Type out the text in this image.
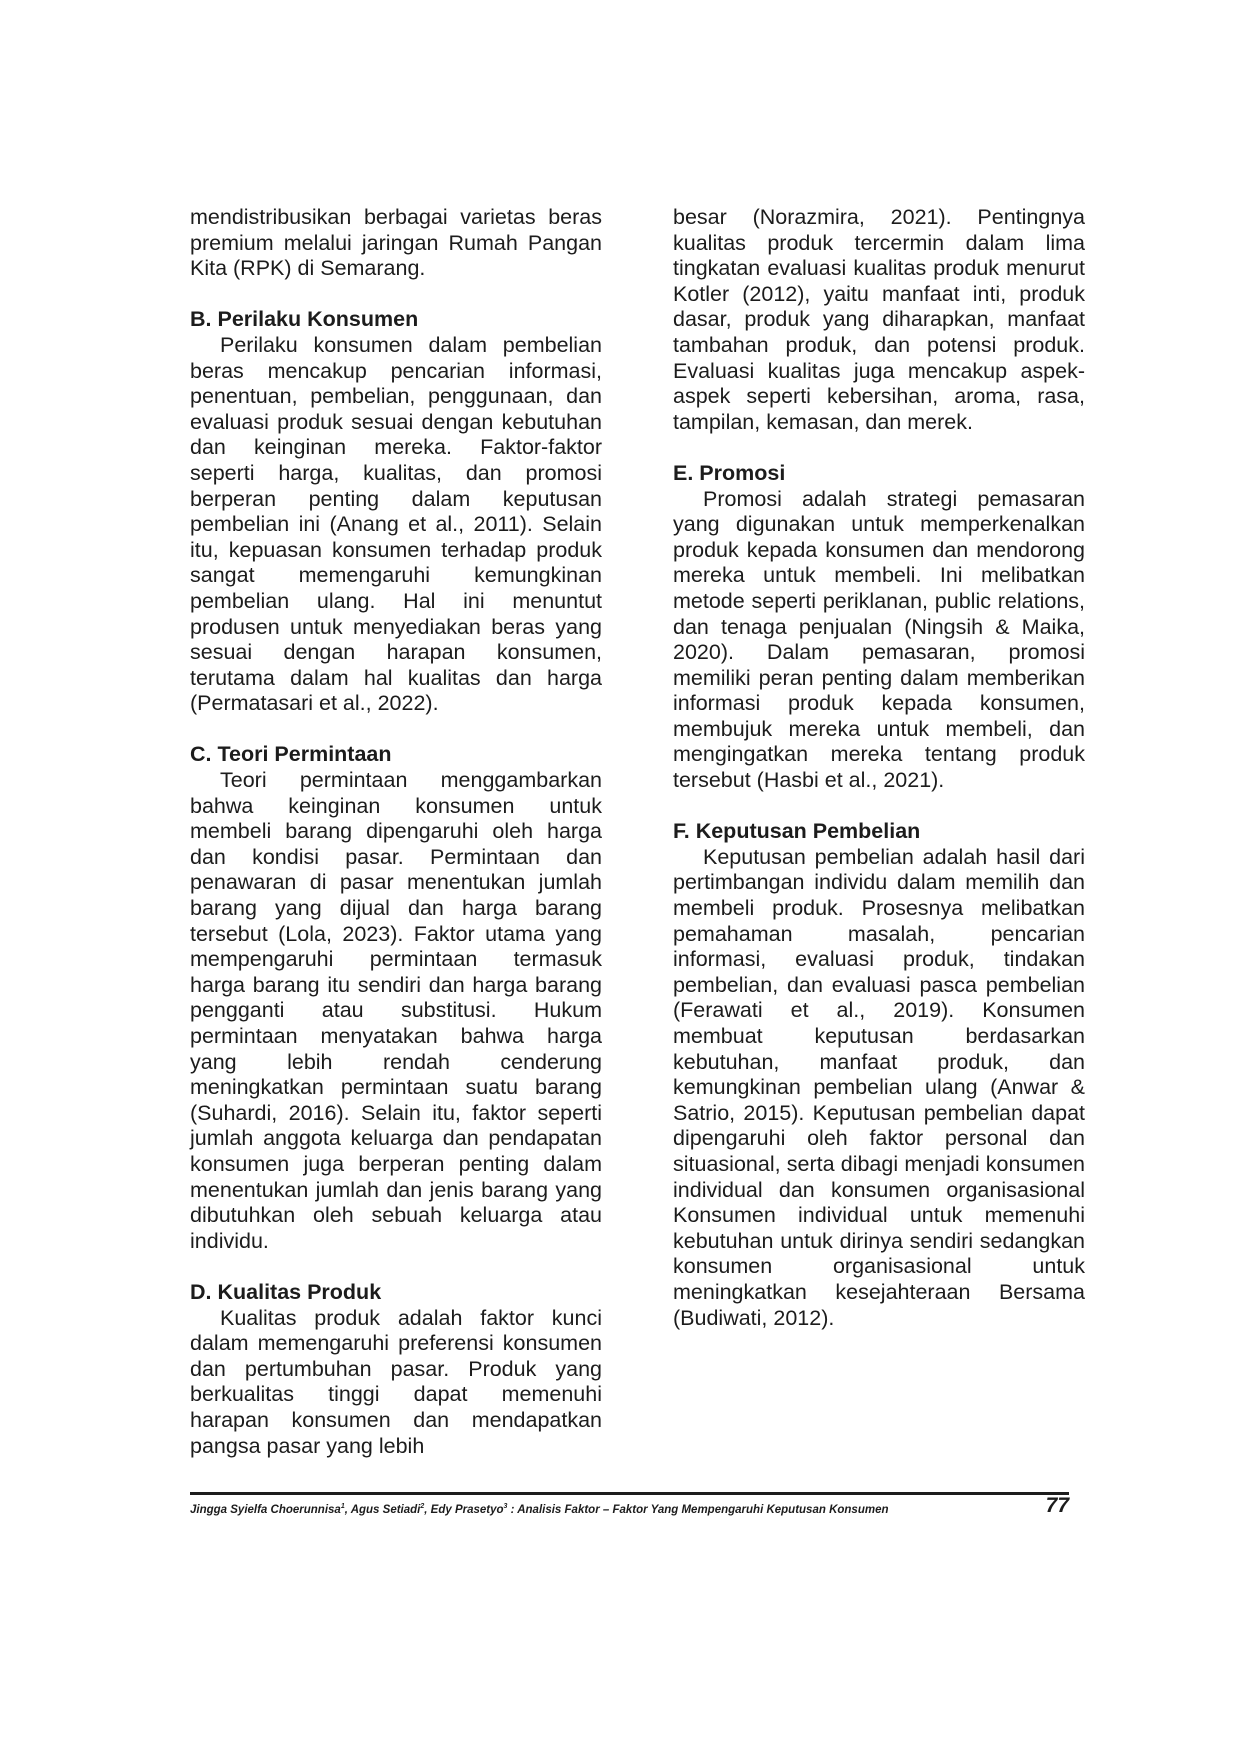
mendistribusikan berbagai varietas beras premium melalui jaringan Rumah Pangan Kita (RPK) di Semarang.

B. Perilaku Konsumen

Perilaku konsumen dalam pembelian beras mencakup pencarian informasi, penentuan, pembelian, penggunaan, dan evaluasi produk sesuai dengan kebutuhan dan keinginan mereka. Faktor-faktor seperti harga, kualitas, dan promosi berperan penting dalam keputusan pembelian ini (Anang et al., 2011). Selain itu, kepuasan konsumen terhadap produk sangat memengaruhi kemungkinan pembelian ulang. Hal ini menuntut produsen untuk menyediakan beras yang sesuai dengan harapan konsumen, terutama dalam hal kualitas dan harga (Permatasari et al., 2022).

C. Teori Permintaan

Teori permintaan menggambarkan bahwa keinginan konsumen untuk membeli barang dipengaruhi oleh harga dan kondisi pasar. Permintaan dan penawaran di pasar menentukan jumlah barang yang dijual dan harga barang tersebut (Lola, 2023). Faktor utama yang mempengaruhi permintaan termasuk harga barang itu sendiri dan harga barang pengganti atau substitusi. Hukum permintaan menyatakan bahwa harga yang lebih rendah cenderung meningkatkan permintaan suatu barang (Suhardi, 2016). Selain itu, faktor seperti jumlah anggota keluarga dan pendapatan konsumen juga berperan penting dalam menentukan jumlah dan jenis barang yang dibutuhkan oleh sebuah keluarga atau individu.

D. Kualitas Produk

Kualitas produk adalah faktor kunci dalam memengaruhi preferensi konsumen dan pertumbuhan pasar. Produk yang berkualitas tinggi dapat memenuhi harapan konsumen dan mendapatkan pangsa pasar yang lebih

besar (Norazmira, 2021). Pentingnya kualitas produk tercermin dalam lima tingkatan evaluasi kualitas produk menurut Kotler (2012), yaitu manfaat inti, produk dasar, produk yang diharapkan, manfaat tambahan produk, dan potensi produk. Evaluasi kualitas juga mencakup aspek-aspek seperti kebersihan, aroma, rasa, tampilan, kemasan, dan merek.

E. Promosi

Promosi adalah strategi pemasaran yang digunakan untuk memperkenalkan produk kepada konsumen dan mendorong mereka untuk membeli. Ini melibatkan metode seperti periklanan, public relations, dan tenaga penjualan (Ningsih & Maika, 2020). Dalam pemasaran, promosi memiliki peran penting dalam memberikan informasi produk kepada konsumen, membujuk mereka untuk membeli, dan mengingatkan mereka tentang produk tersebut (Hasbi et al., 2021).

F. Keputusan Pembelian

Keputusan pembelian adalah hasil dari pertimbangan individu dalam memilih dan membeli produk. Prosesnya melibatkan pemahaman masalah, pencarian informasi, evaluasi produk, tindakan pembelian, dan evaluasi pasca pembelian (Ferawati et al., 2019). Konsumen membuat keputusan berdasarkan kebutuhan, manfaat produk, dan kemungkinan pembelian ulang (Anwar & Satrio, 2015). Keputusan pembelian dapat dipengaruhi oleh faktor personal dan situasional, serta dibagi menjadi konsumen individual dan konsumen organisasional Konsumen individual untuk memenuhi kebutuhan untuk dirinya sendiri sedangkan konsumen organisasional untuk meningkatkan kesejahteraan Bersama (Budiwati, 2012).

Jingga Syielfa Choerunnisa$^1$, Agus Setiadi$^2$, Edy Prasetyo$^3$ : Analisis Faktor – Faktor Yang Mempengaruhi Keputusan Konsumen	77
